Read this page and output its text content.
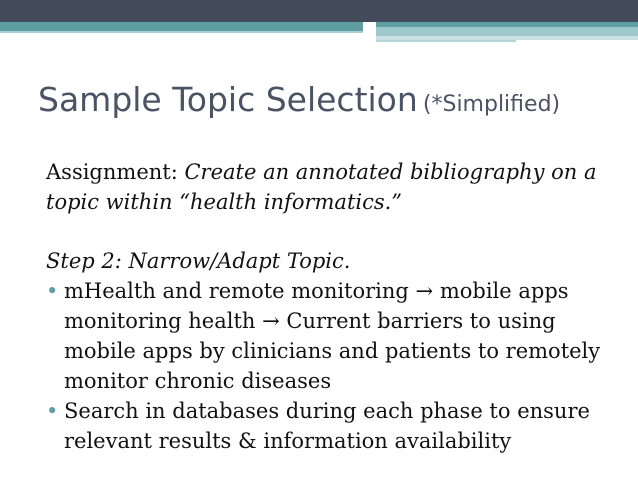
Sample Topic Selection (*Simplified)

Assignment: Create an annotated bibliography on a topic within “health informatics.”

Step 2: Narrow/Adapt Topic.

• mHealth and remote monitoring → mobile apps monitoring health → Current barriers to using mobile apps by clinicians and patients to remotely monitor chronic diseases
• Search in databases during each phase to ensure relevant results & information availability
